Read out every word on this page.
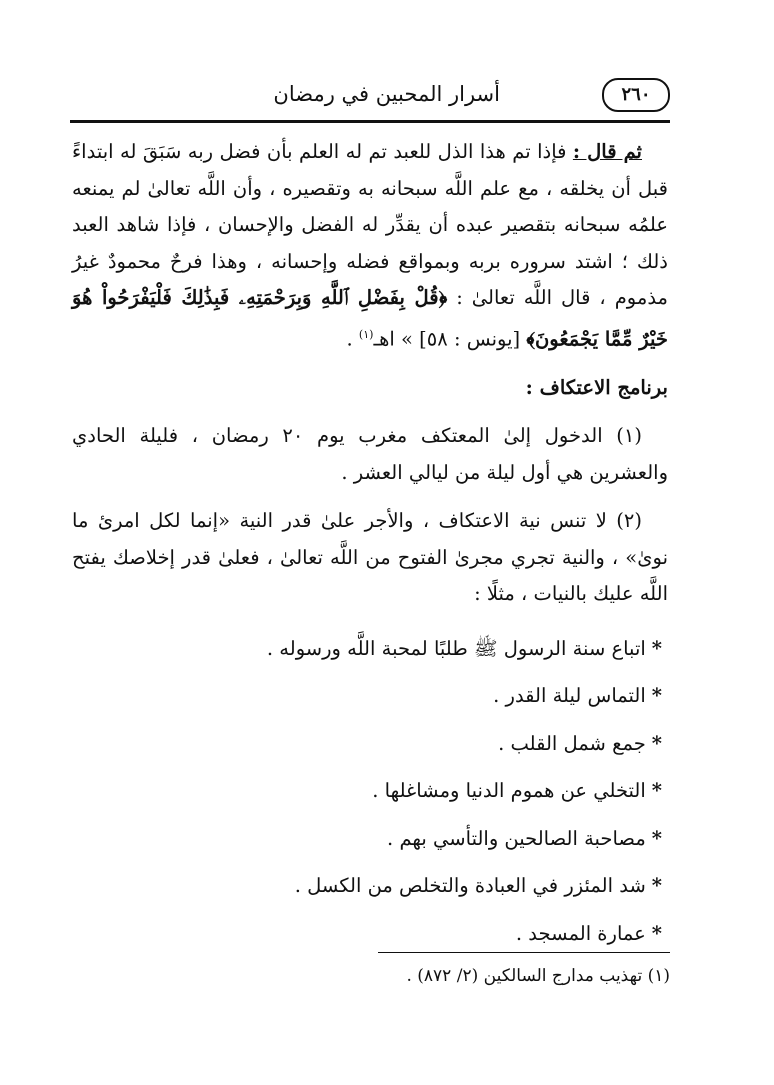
أسرار المحبين في رمضان	٢٦٠

ثم قال : فإذا تم هذا الذل للعبد تم له العلم بأن فضل ربه سَبَقَ له ابتداءً قبل أن يخلقه ، مع علم اللَّه سبحانه به وتقصيره ، وأن اللَّه تعالىٰ لم يمنعه علمُه سبحانه بتقصير عبده أن يقدِّر له الفضل والإحسان ، فإذا شاهد العبد ذلك ؛ اشتد سروره بربه وبمواقع فضله وإحسانه ، وهذا فرحٌ محمودٌ غيرُ مذموم ، قال اللَّه تعالىٰ : ﴿قُلْ بِفَضْلِ ٱللَّهِ وَبِرَحْمَتِهِۦ فَبِذَٰلِكَ فَلْيَفْرَحُواْ هُوَ خَيْرٌ مِّمَّا يَجْمَعُونَ﴾ [يونس : ٥٨] » اهـ$^{(١)}$ .

برنامج الاعتكاف :

(١) الدخول إلىٰ المعتكف مغرب يوم ٢٠ رمضان ، فليلة الحادي والعشرين هي أول ليلة من ليالي العشر .

(٢) لا تنس نية الاعتكاف ، والأجر علىٰ قدر النية «إنما لكل امرئ ما نوىٰ» ، والنية تجري مجرىٰ الفتوح من اللَّه تعالىٰ ، فعلىٰ قدر إخلاصك يفتح اللَّه عليك بالنيات ، مثلًا :

*اتباع سنة الرسول ﷺ طلبًا لمحبة اللَّه ورسوله .
*التماس ليلة القدر .
*جمع شمل القلب .
*التخلي عن هموم الدنيا ومشاغلها .
*مصاحبة الصالحين والتأسي بهم .
*شد المئزر في العبادة والتخلص من الكسل .
*عمارة المسجد .
(١) تهذيب مدارج السالكين (٢/ ٨٧٢) .
